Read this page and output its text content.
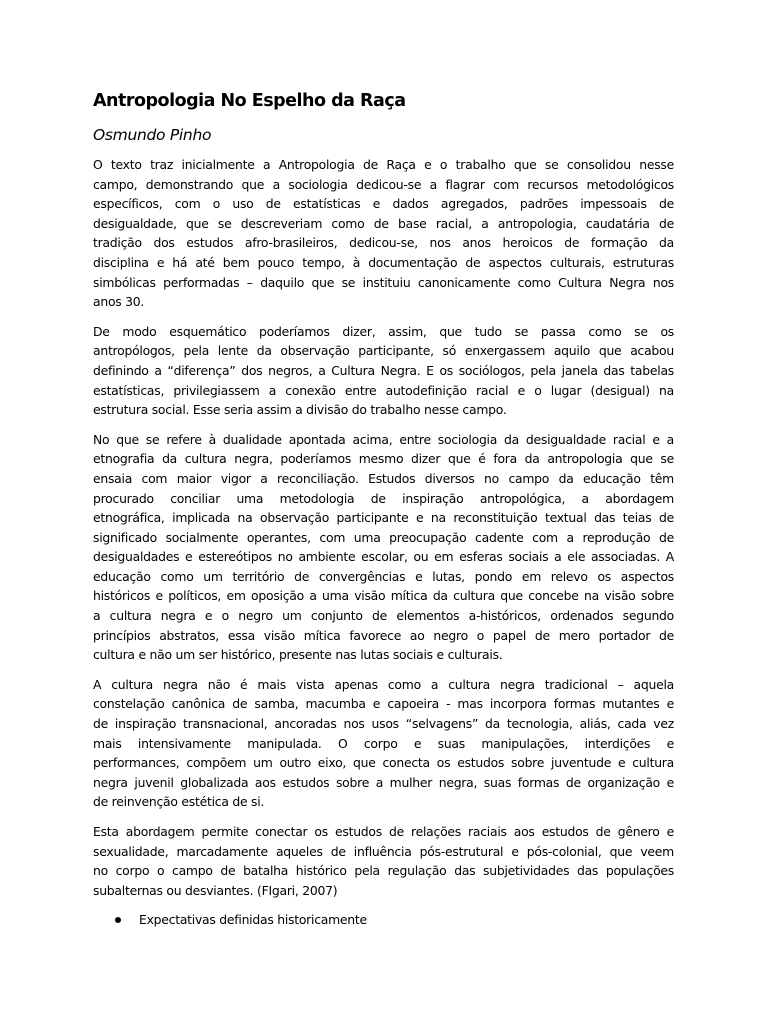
Antropologia No Espelho da Raça
Osmundo Pinho
O texto traz inicialmente a Antropologia de Raça e o trabalho que se consolidou nesse
campo, demonstrando que a sociologia dedicou-se a flagrar com recursos metodológicos
específicos, com o uso de estatísticas e dados agregados, padrões impessoais de
desigualdade, que se descreveriam como de base racial, a antropologia, caudatária de
tradição dos estudos afro-brasileiros, dedicou-se, nos anos heroicos de formação da
disciplina e há até bem pouco tempo, à documentação de aspectos culturais, estruturas
simbólicas performadas – daquilo que se instituiu canonicamente como Cultura Negra nos
anos 30.
De modo esquemático poderíamos dizer, assim, que tudo se passa como se os
antropólogos, pela lente da observação participante, só enxergassem aquilo que acabou
definindo a “diferença” dos negros, a Cultura Negra. E os sociólogos, pela janela das tabelas
estatísticas, privilegiassem a conexão entre autodefinição racial e o lugar (desigual) na
estrutura social. Esse seria assim a divisão do trabalho nesse campo.
No que se refere à dualidade apontada acima, entre sociologia da desigualdade racial e a
etnografia da cultura negra, poderíamos mesmo dizer que é fora da antropologia que se
ensaia com maior vigor a reconciliação. Estudos diversos no campo da educação têm
procurado conciliar uma metodologia de inspiração antropológica, a abordagem
etnográfica, implicada na observação participante e na reconstituição textual das teias de
significado socialmente operantes, com uma preocupação cadente com a reprodução de
desigualdades e estereótipos no ambiente escolar, ou em esferas sociais a ele associadas. A
educação como um território de convergências e lutas, pondo em relevo os aspectos
históricos e políticos, em oposição a uma visão mítica da cultura que concebe na visão sobre
a cultura negra e o negro um conjunto de elementos a-históricos, ordenados segundo
princípios abstratos, essa visão mítica favorece ao negro o papel de mero portador de
cultura e não um ser histórico, presente nas lutas sociais e culturais.
A cultura negra não é mais vista apenas como a cultura negra tradicional – aquela
constelação canônica de samba, macumba e capoeira - mas incorpora formas mutantes e
de inspiração transnacional, ancoradas nos usos “selvagens” da tecnologia, aliás, cada vez
mais intensivamente manipulada. O corpo e suas manipulações, interdições e
performances, compõem um outro eixo, que conecta os estudos sobre juventude e cultura
negra juvenil globalizada aos estudos sobre a mulher negra, suas formas de organização e
de reinvenção estética de si.
Esta abordagem permite conectar os estudos de relações raciais aos estudos de gênero e
sexualidade, marcadamente aqueles de influência pós-estrutural e pós-colonial, que veem
no corpo o campo de batalha histórico pela regulação das subjetividades das populações
subalternas ou desviantes. (FIgari, 2007)
Expectativas definidas historicamente
